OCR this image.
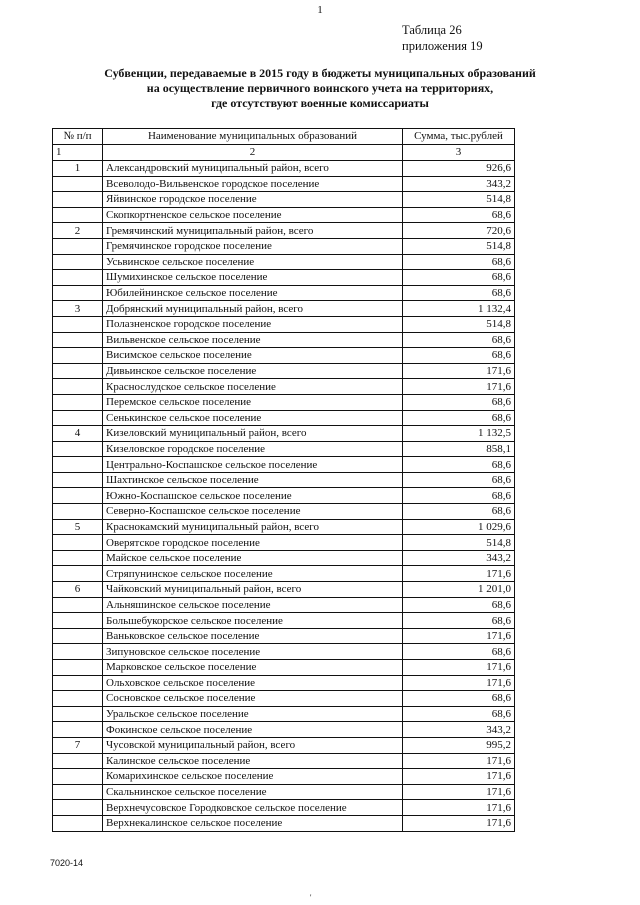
1
Таблица 26
приложения 19
Субвенции, передаваемые в 2015 году в бюджеты муниципальных образований
на осуществление первичного воинского учета на территориях,
где отсутствуют военные комиссариаты
№ п/п	Наименование муниципальных образований	Сумма, тыс.рублей
1	2	3
1	Александровский муниципальный район, всего	926,6
	Всеволодо-Вильвенское городское поселение	343,2
	Яйвинское городское поселение	514,8
	Скопкортненское сельское поселение	68,6
2	Гремячинский муниципальный район, всего	720,6
	Гремячинское городское поселение	514,8
	Усьвинское сельское поселение	68,6
	Шумихинское сельское поселение	68,6
	Юбилейнинское сельское поселение	68,6
3	Добрянский муниципальный район, всего	1 132,4
	Полазненское городское поселение	514,8
	Вильвенское сельское поселение	68,6
	Висимское сельское поселение	68,6
	Дивьинское сельское поселение	171,6
	Краснослудское сельское поселение	171,6
	Перемское сельское поселение	68,6
	Сенькинское сельское поселение	68,6
4	Кизеловский муниципальный район, всего	1 132,5
	Кизеловское городское поселение	858,1
	Центрально-Коспашское сельское поселение	68,6
	Шахтинское сельское поселение	68,6
	Южно-Коспашское сельское поселение	68,6
	Северно-Коспашское сельское поселение	68,6
5	Краснокамский муниципальный район, всего	1 029,6
	Оверятское городское поселение	514,8
	Майское сельское поселение	343,2
	Стряпунинское сельское поселение	171,6
6	Чайковский муниципальный район, всего	1 201,0
	Альняшинское сельское поселение	68,6
	Большебукорское сельское поселение	68,6
	Ваньковское сельское поселение	171,6
	Зипуновское сельское поселение	68,6
	Марковское сельское поселение	171,6
	Ольховское сельское поселение	171,6
	Сосновское сельское поселение	68,6
	Уральское сельское поселение	68,6
	Фокинское сельское поселение	343,2
7	Чусовской муниципальный район, всего	995,2
	Калинское сельское поселение	171,6
	Комарихинское сельское поселение	171,6
	Скальнинское сельское поселение	171,6
	Верхнечусовское Городковское сельское поселение	171,6
	Верхнекалинское сельское поселение	171,6
7020-14
'
